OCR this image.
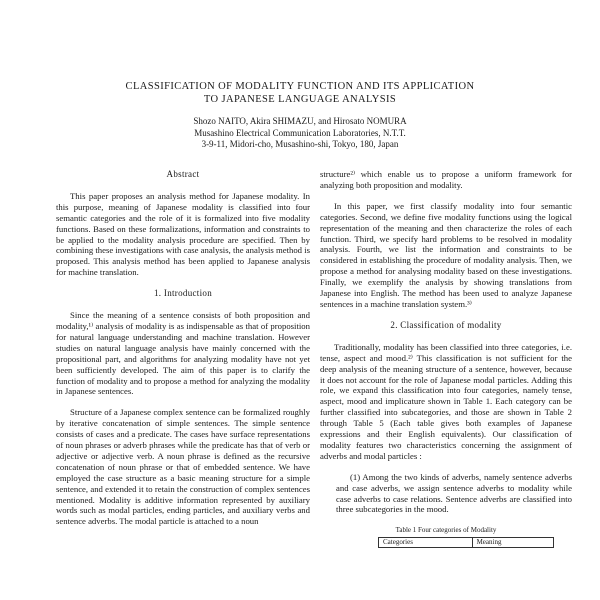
CLASSIFICATION OF MODALITY FUNCTION AND ITS APPLICATION
TO JAPANESE LANGUAGE ANALYSIS
Shozo NAITO, Akira SHIMAZU, and Hirosato NOMURA
Musashino Electrical Communication Laboratories, N.T.T.
3-9-11, Midori-cho, Musashino-shi, Tokyo, 180, Japan
Abstract

This paper proposes an analysis method for Japanese modality. In this purpose, meaning of Japanese modality is classified into four semantic categories and the role of it is formalized into five modality functions. Based on these formalizations, information and constraints to be applied to the modality analysis procedure are specified. Then by combining these investigations with case analysis, the analysis method is proposed. This analysis method has been applied to Japanese analysis for machine translation.

1. Introduction

Since the meaning of a sentence consists of both proposition and modality,¹⁾ analysis of modality is as indispensable as that of proposition for natural language understanding and machine translation. However studies on natural language analysis have mainly concerned with the propositional part, and algorithms for analyzing modality have not yet been sufficiently developed. The aim of this paper is to clarify the function of modality and to propose a method for analyzing the modality in Japanese sentences.

Structure of a Japanese complex sentence can be formalized roughly by iterative concatenation of simple sentences. The simple sentence consists of cases and a predicate. The cases have surface representations of noun phrases or adverb phrases while the predicate has that of verb or adjective or adjective verb. A noun phrase is defined as the recursive concatenation of noun phrase or that of embedded sentence. We have employed the case structure as a basic meaning structure for a simple sentence, and extended it to retain the construction of complex sentences mentioned. Modality is additive information represented by auxiliary words such as modal particles, ending particles, and auxiliary verbs and sentence adverbs. The modal particle is attached to a noun

structure²⁾ which enable us to propose a uniform framework for analyzing both proposition and modality.

In this paper, we first classify modality into four semantic categories. Second, we define five modality functions using the logical representation of the meaning and then characterize the roles of each function. Third, we specify hard problems to be resolved in modality analysis. Fourth, we list the information and constraints to be considered in establishing the procedure of modality analysis. Then, we propose a method for analysing modality based on these investigations. Finally, we exemplify the analysis by showing translations from Japanese into English. The method has been used to analyze Japanese sentences in a machine translation system.³⁾

2. Classification of modality

Traditionally, modality has been classified into three categories, i.e. tense, aspect and mood.²⁾ This classification is not sufficient for the deep analysis of the meaning structure of a sentence, however, because it does not account for the role of Japanese modal particles. Adding this role, we expand this classification into four categories, namely tense, aspect, mood and implicature shown in Table 1. Each category can be further classified into subcategories, and those are shown in Table 2 through Table 5 (Each table gives both examples of Japanese expressions and their English equivalents). Our classification of modality features two characteristics concerning the assignment of adverbs and modal particles :

(1) Among the two kinds of adverbs, namely sentence adverbs and case adverbs, we assign sentence adverbs to modality while case adverbs to case relations. Sentence adverbs are classified into three subcategories in the mood.

Table 1 Four categories of Modality
Categories	Meaning
